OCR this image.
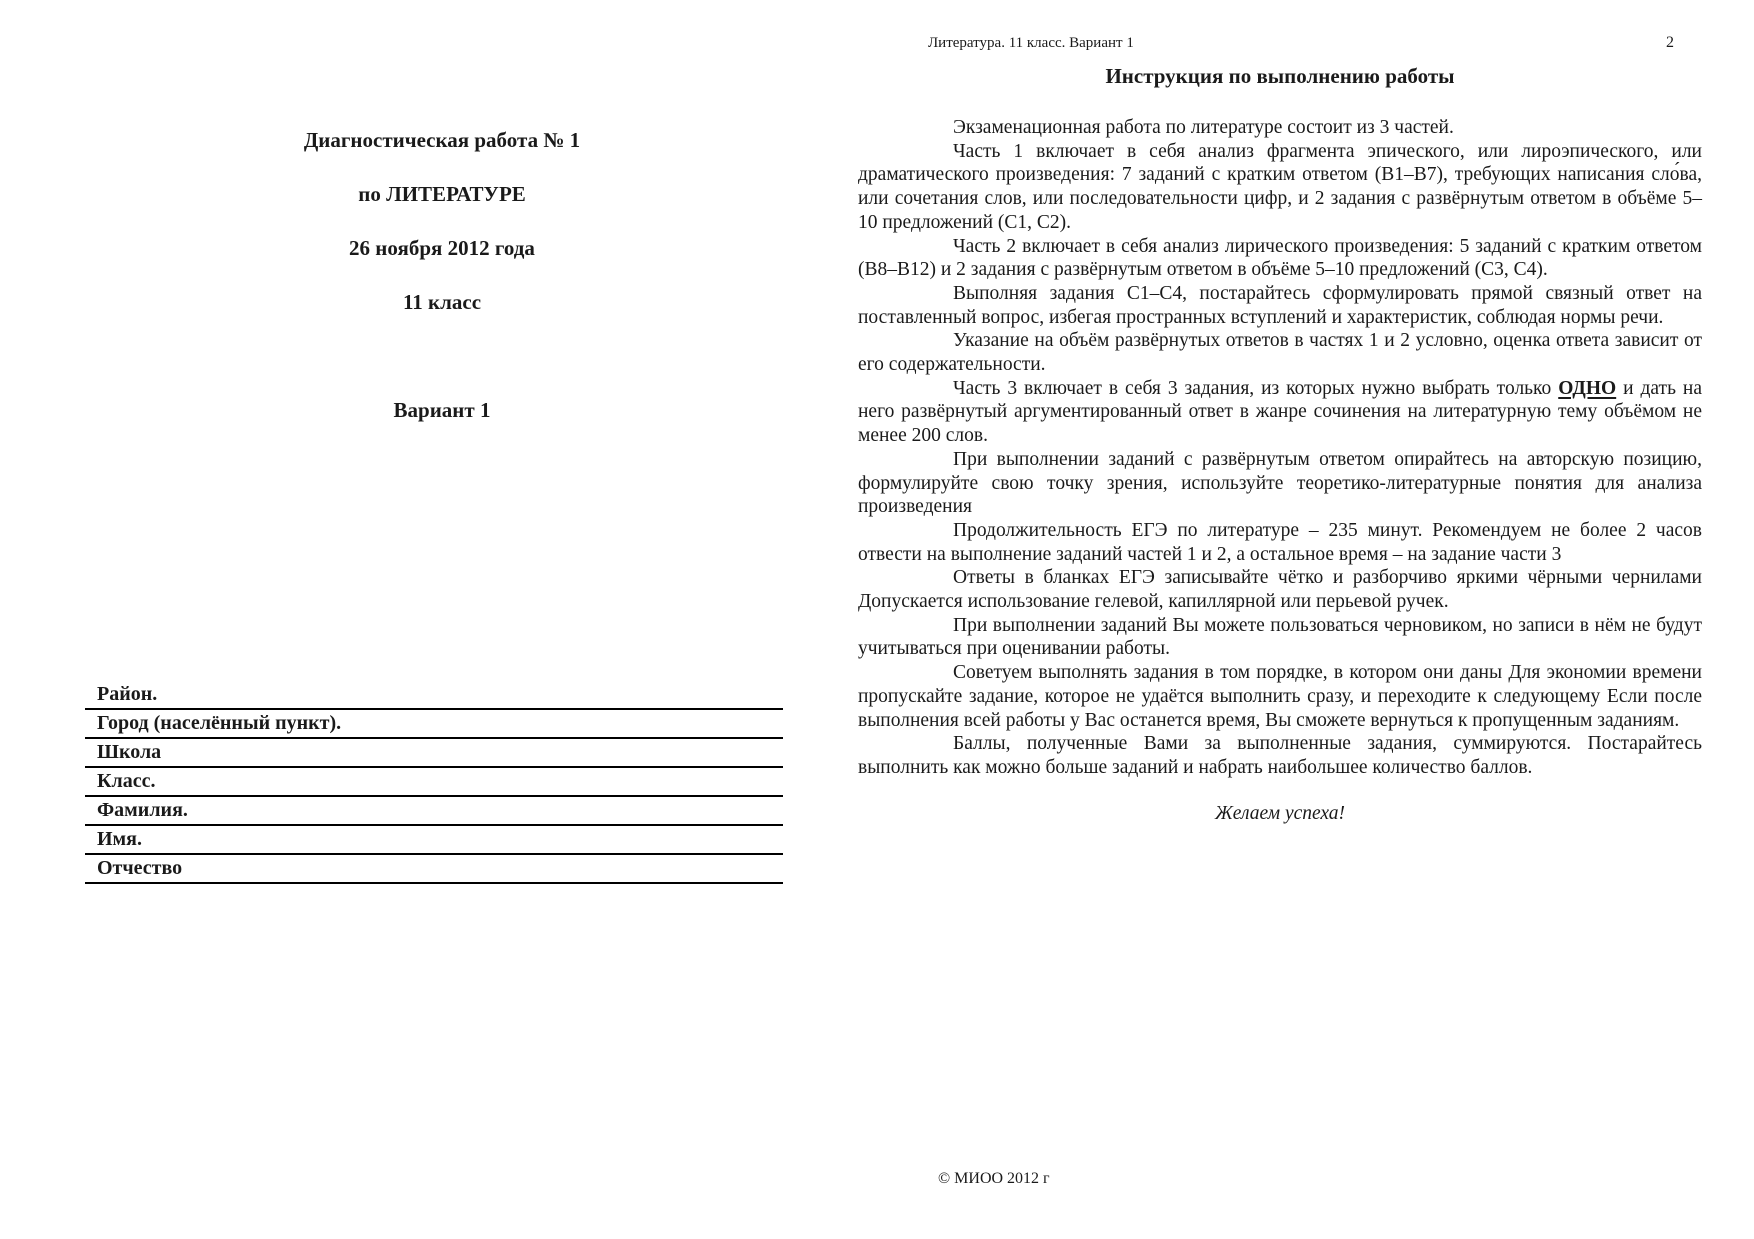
Диагностическая работа № 1
по ЛИТЕРАТУРЕ
26 ноября 2012 года
11 класс
Вариант 1
Район.
Город (населённый пункт).
Школа
Класс.
Фамилия.
Имя.
Отчество
Литература. 11 класс. Вариант 1	2
Инструкция по выполнению работы

Экзаменационная работа по литературе состоит из 3 частей.

Часть 1 включает в себя анализ фрагмента эпического, или лироэпического, или драматического произведения: 7 заданий с кратким ответом (В1–В7), требующих написания сло́ва, или сочетания слов, или последовательности цифр, и 2 задания с развёрнутым ответом в объёме 5–10 предложений (С1, С2).

Часть 2 включает в себя анализ лирического произведения: 5 заданий с кратким ответом (В8–В12) и 2 задания с развёрнутым ответом в объёме 5–10 предложений (С3, С4).

Выполняя задания С1–С4, постарайтесь сформулировать прямой связный ответ на поставленный вопрос, избегая пространных вступлений и характеристик, соблюдая нормы речи.

Указание на объём развёрнутых ответов в частях 1 и 2 условно, оценка ответа зависит от его содержательности.

Часть 3 включает в себя 3 задания, из которых нужно выбрать только ОДНО и дать на него развёрнутый аргументированный ответ в жанре сочинения на литературную тему объёмом не менее 200 слов.

При выполнении заданий с развёрнутым ответом опирайтесь на авторскую позицию, формулируйте свою точку зрения, используйте теоретико-литературные понятия для анализа произведения

Продолжительность ЕГЭ по литературе – 235 минут. Рекомендуем не более 2 часов отвести на выполнение заданий частей 1 и 2, а остальное время – на задание части 3

Ответы в бланках ЕГЭ записывайте чётко и разборчиво яркими чёрными чернилами Допускается использование гелевой, капиллярной или перьевой ручек.

При выполнении заданий Вы можете пользоваться черновиком, но записи в нём не будут учитываться при оценивании работы.

Советуем выполнять задания в том порядке, в котором они даны Для экономии времени пропускайте задание, которое не удаётся выполнить сразу, и переходите к следующему Если после выполнения всей работы у Вас останется время, Вы сможете вернуться к пропущенным заданиям.

Баллы, полученные Вами за выполненные задания, суммируются. Постарайтесь выполнить как можно больше заданий и набрать наибольшее количество баллов.

Желаем успеха!

© МИОО 2012 г
